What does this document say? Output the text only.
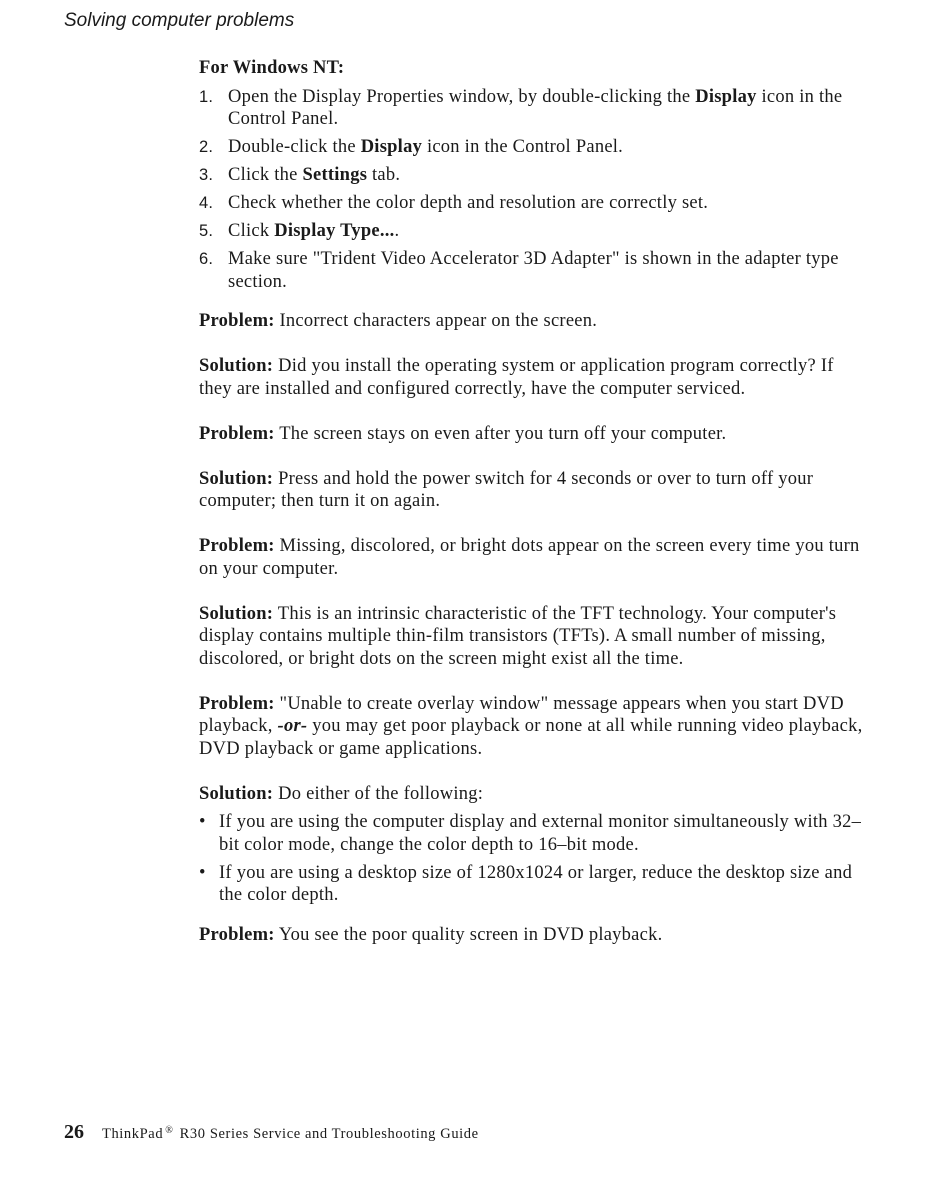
Solving computer problems
For Windows NT:
1. Open the Display Properties window, by double-clicking the Display icon in the Control Panel.
2. Double-click the Display icon in the Control Panel.
3. Click the Settings tab.
4. Check whether the color depth and resolution are correctly set.
5. Click Display Type....
6. Make sure "Trident Video Accelerator 3D Adapter" is shown in the adapter type section.

Problem: Incorrect characters appear on the screen.

Solution: Did you install the operating system or application program correctly? If they are installed and configured correctly, have the computer serviced.

Problem: The screen stays on even after you turn off your computer.

Solution: Press and hold the power switch for 4 seconds or over to turn off your computer; then turn it on again.

Problem: Missing, discolored, or bright dots appear on the screen every time you turn on your computer.

Solution: This is an intrinsic characteristic of the TFT technology. Your computer's display contains multiple thin-film transistors (TFTs). A small number of missing, discolored, or bright dots on the screen might exist all the time.

Problem: "Unable to create overlay window" message appears when you start DVD playback, -or- you may get poor playback or none at all while running video playback, DVD playback or game applications.

Solution: Do either of the following:

• If you are using the computer display and external monitor simultaneously with 32–bit color mode, change the color depth to 16–bit mode.
• If you are using a desktop size of 1280x1024 or larger, reduce the desktop size and the color depth.

Problem: You see the poor quality screen in DVD playback.

26 ThinkPad ® R30 Series Service and Troubleshooting Guide
